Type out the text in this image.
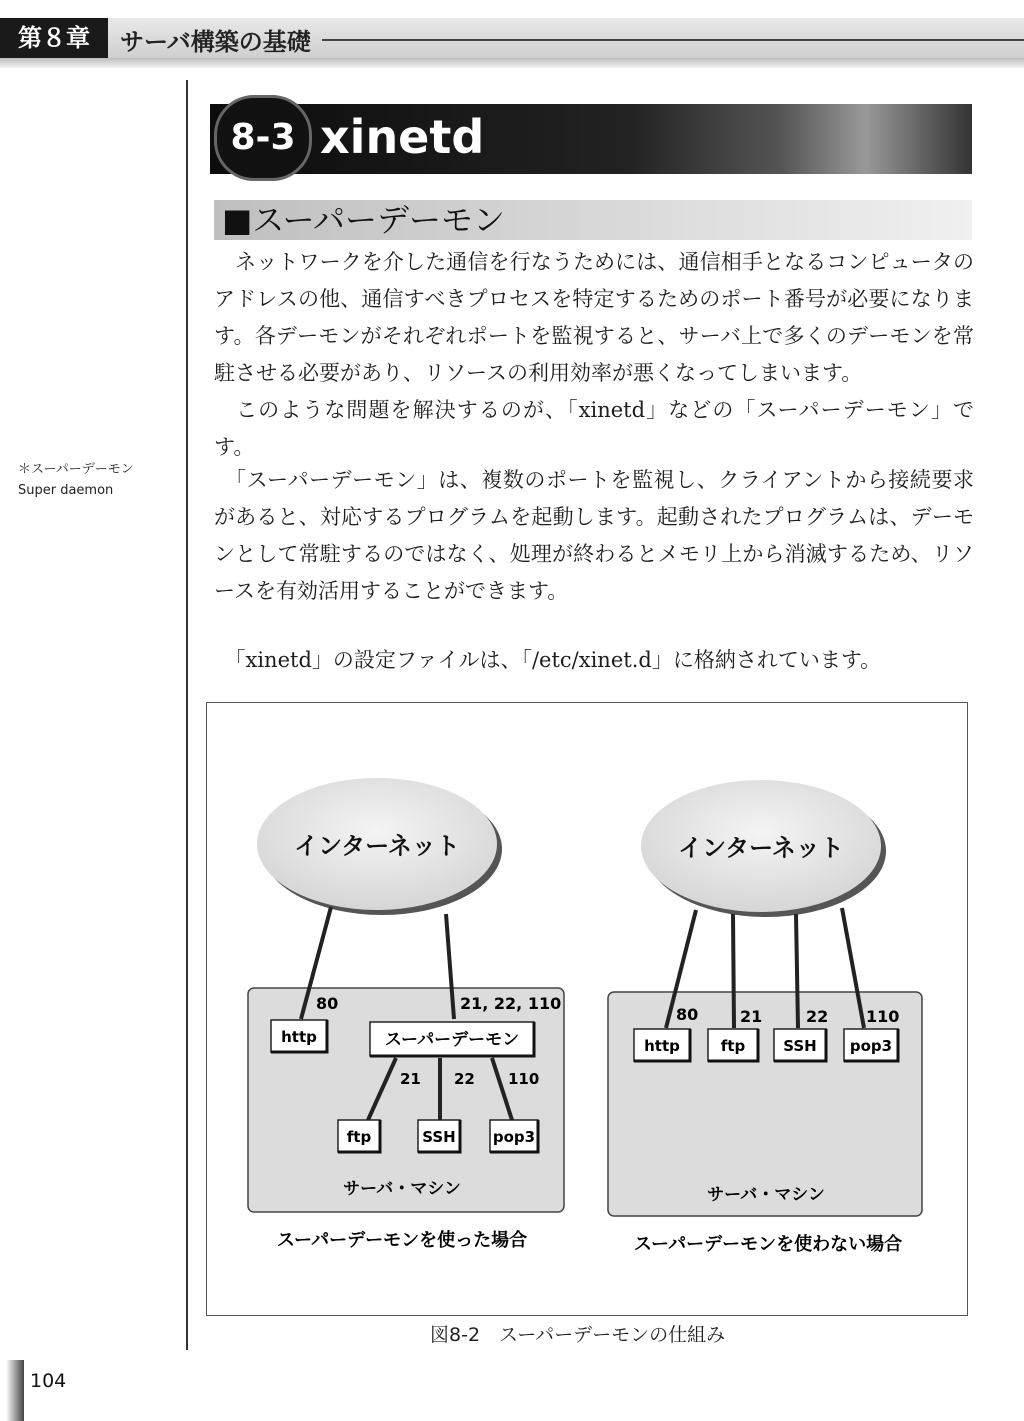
第８章	サーバ構築の基礎
8-3 xinetd
■スーパーデーモン

　ネットワークを介した通信を行なうためには、通信相手となるコンピュータのアドレスの他、通信すべきプロセスを特定するためのポート番号が必要になります。各デーモンがそれぞれポートを監視すると、サーバ上で多くのデーモンを常駐させる必要があり、リソースの利用効率が悪くなってしまいます。

　このような問題を解決するのが、「xinetd」などの「スーパーデーモン」です。

　「スーパーデーモン」は、複数のポートを監視し、クライアントから接続要求があると、対応するプログラムを起動します。起動されたプログラムは、デーモンとして常駐するのではなく、処理が終わるとメモリ上から消滅するため、リソースを有効活用することができます。

　「xinetd」の設定ファイルは、「/etc/xinet.d」に格納されています。

＊スーパーデーモン
Super daemon
インターネット
80	21, 22, 110
http	スーパーデーモン
21 22 110
ftp	SSH pop3
サーバ・マシン
スーパーデーモンを使った場合
インターネット
80	21	22 110
http	ftp	SSH pop3
サーバ・マシン
スーパーデーモンを使わない場合
図8-2　スーパーデーモンの仕組み
104
